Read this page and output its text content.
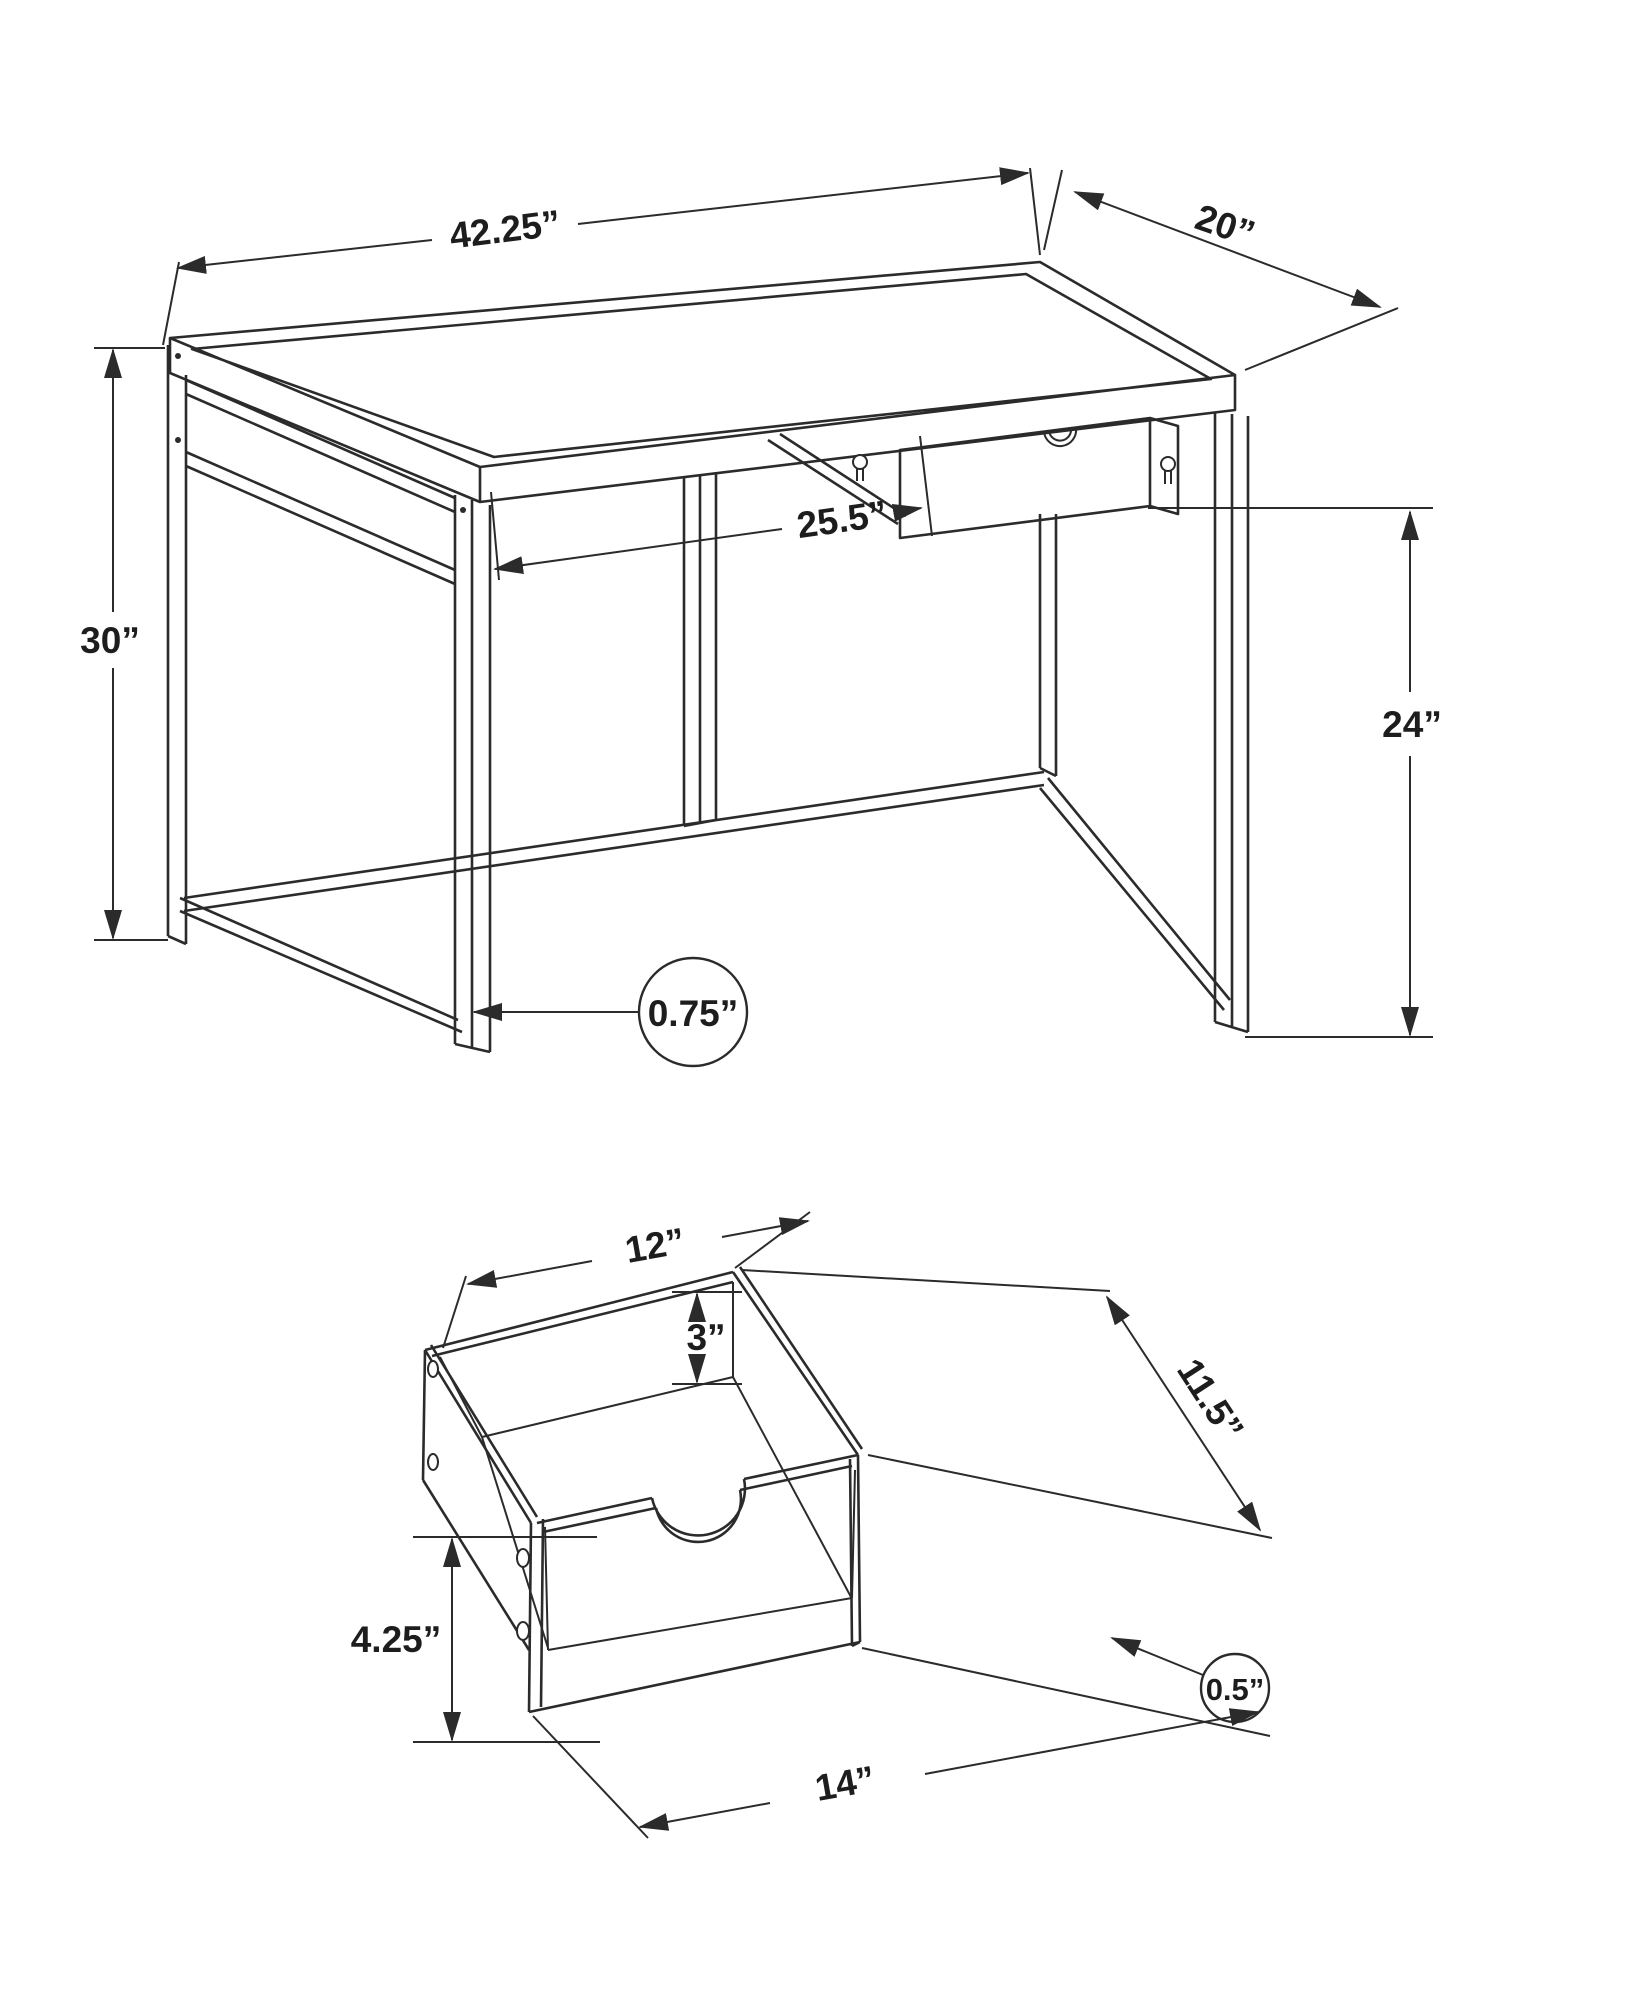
42.25”	20”
30”
25.5”
24”
0.75”
12”
3”
11.5”
4.25”
0.5”
14”
